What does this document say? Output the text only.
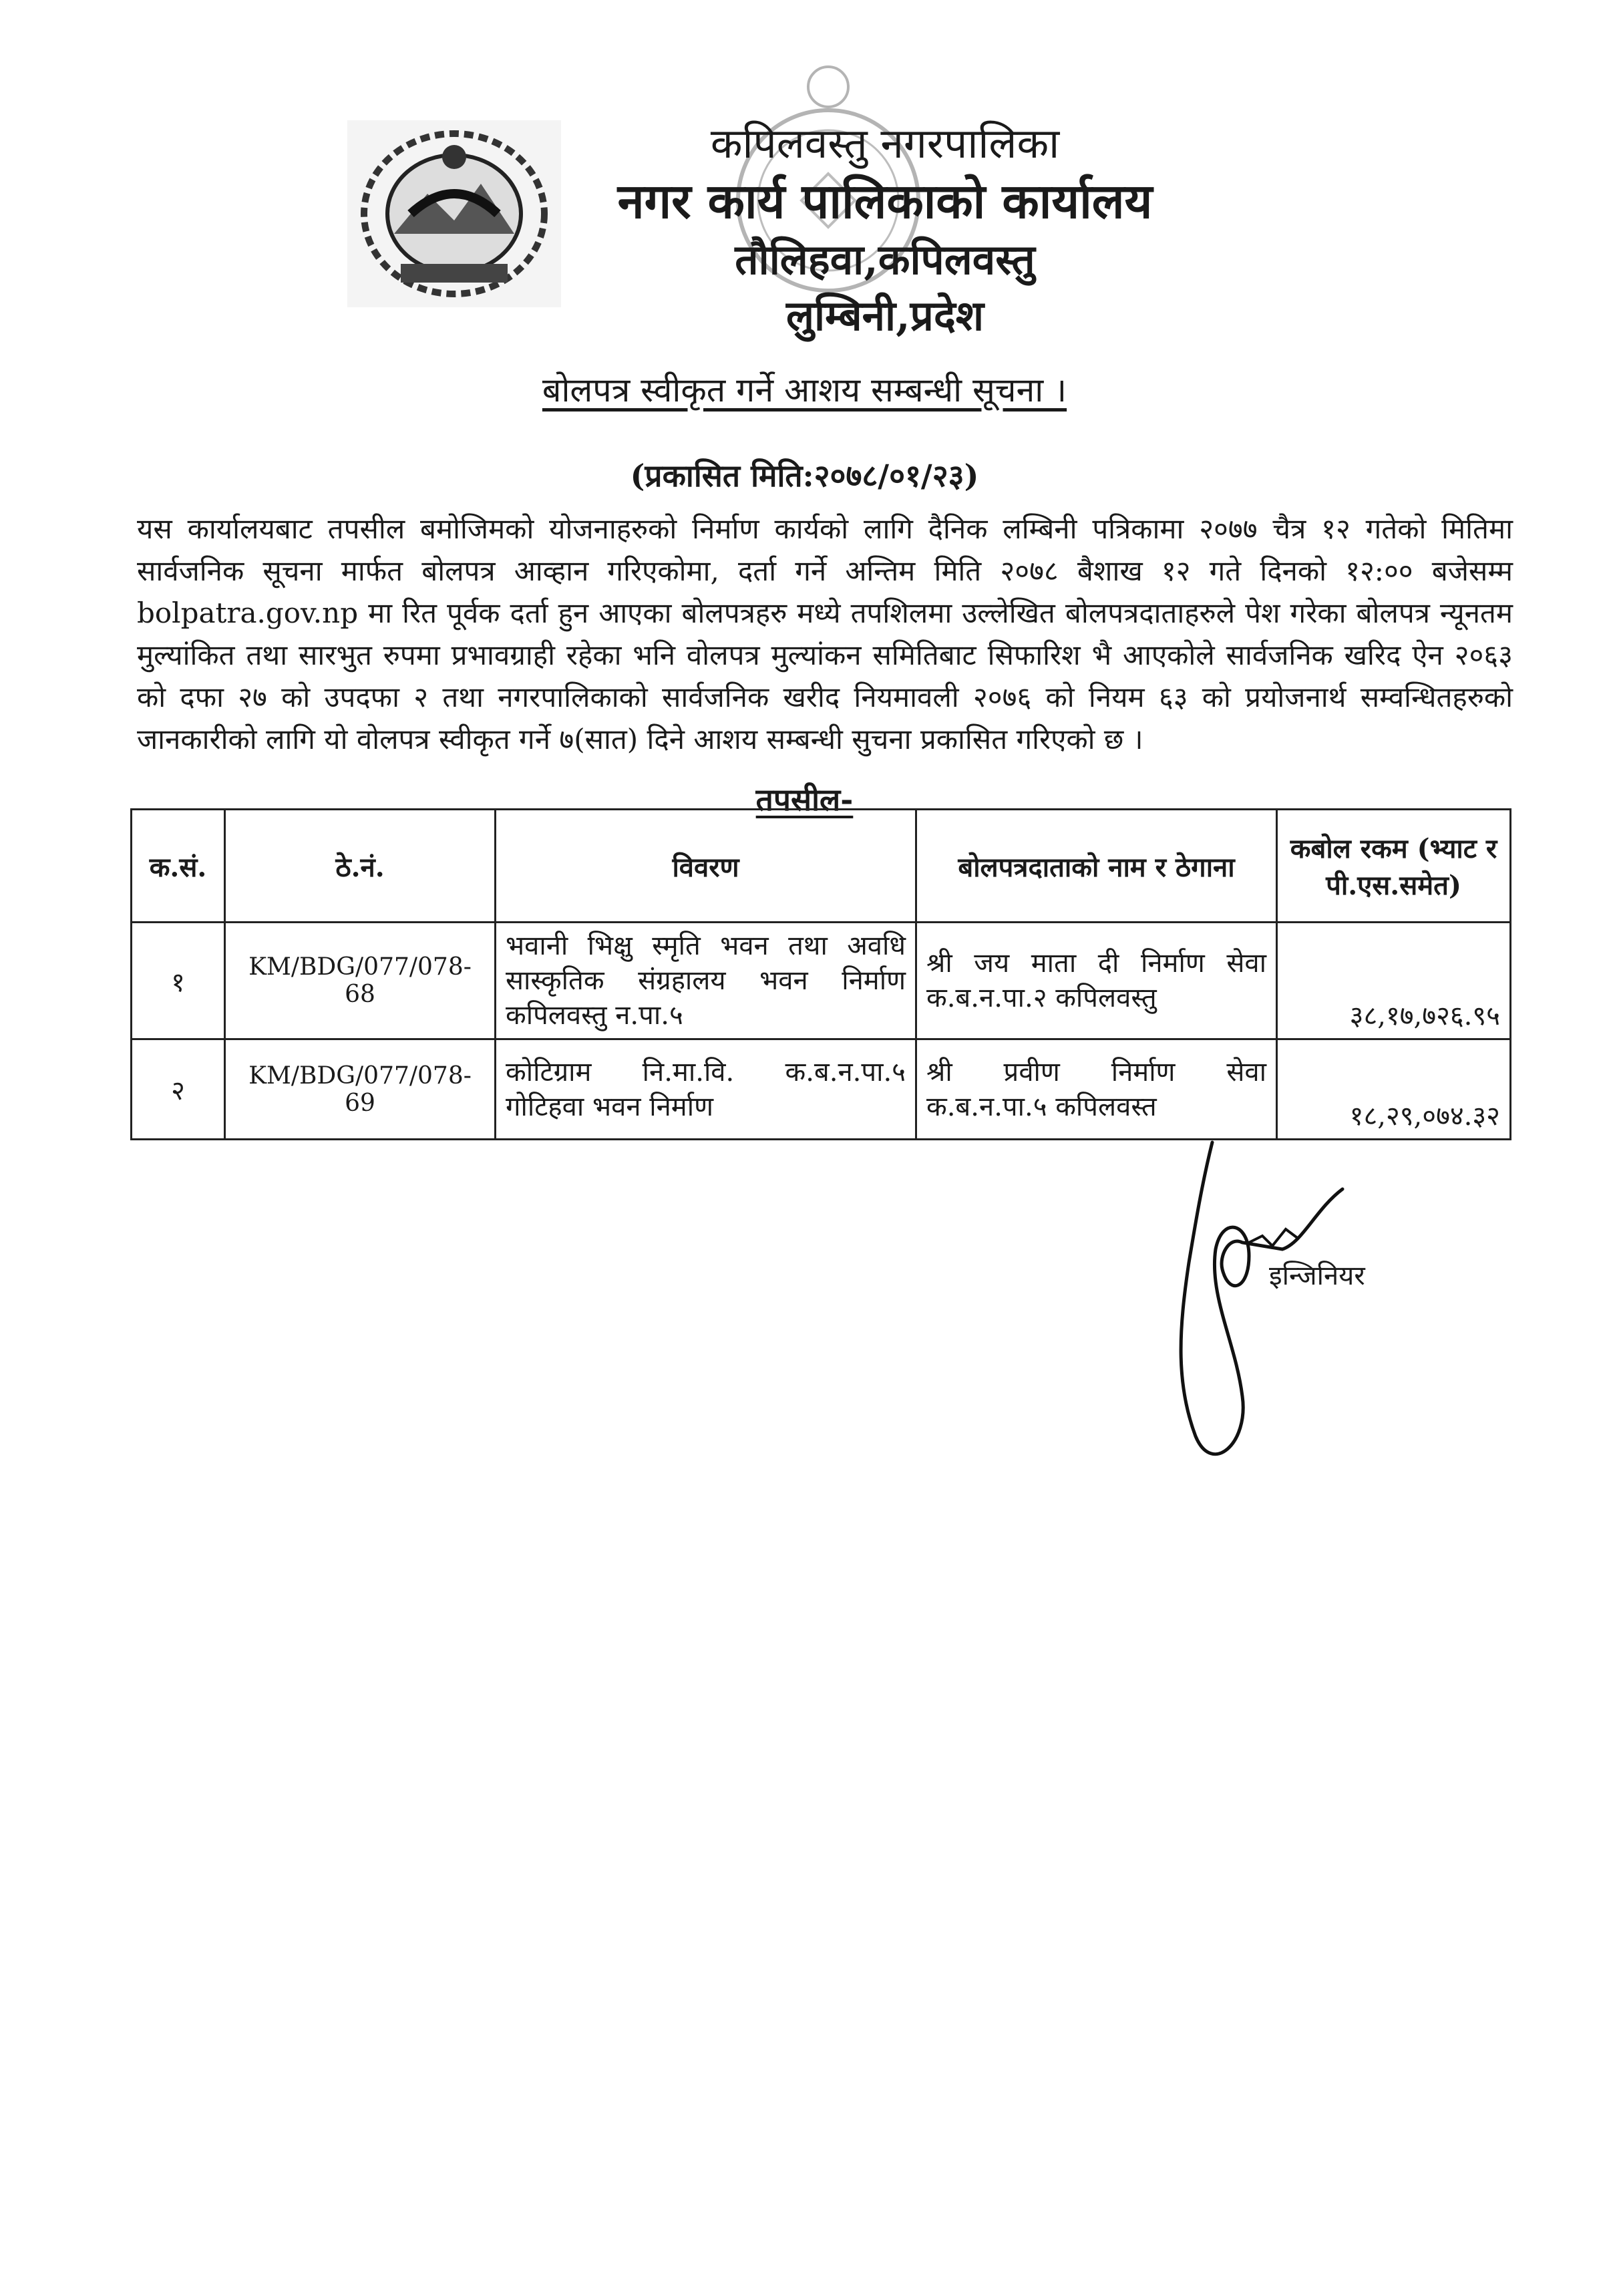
कपिलवस्तु नगरपालिका
नगर कार्य पालिकाको कार्यालय
तौलिहवा,कपिलवस्तु
लुम्बिनी,प्रदेश
बोलपत्र स्वीकृत गर्ने आशय सम्बन्धी सूचना ।
(प्रकासित मिति:२०७८/०१/२३)
यस कार्यालयबाट तपसील बमोजिमको योजनाहरुको निर्माण कार्यको लागि दैनिक लम्बिनी पत्रिकामा २०७७ चैत्र १२ गतेको मितिमा सार्वजनिक सूचना मार्फत बोलपत्र आव्हान गरिएकोमा, दर्ता गर्ने अन्तिम मिति २०७८ बैशाख १२ गते दिनको १२:०० बजेसम्म bolpatra.gov.np मा रित पूर्वक दर्ता हुन आएका बोलपत्रहरु मध्ये तपशिलमा उल्लेखित बोलपत्रदाताहरुले पेश गरेका बोलपत्र न्यूनतम मुल्यांकित तथा सारभुत रुपमा प्रभावग्राही रहेका भनि वोलपत्र मुल्यांकन समितिबाट सिफारिश भै आएकोले सार्वजनिक खरिद ऐन २०६३ को दफा २७ को उपदफा २ तथा नगरपालिकाको सार्वजनिक खरीद नियमावली २०७६ को नियम ६३ को प्रयोजनार्थ सम्वन्धितहरुको जानकारीको लागि यो वोलपत्र स्वीकृत गर्ने ७(सात) दिने आशय सम्बन्धी सुचना प्रकासित गरिएको छ ।
तपसील-
क.सं.	ठे.नं.	विवरण	बोलपत्रदाताको नाम र ठेगाना	कबोल रकम (भ्याट र पी.एस.समेत)
१	KM/BDG/077/078-68	भवानी भिक्षु स्मृति भवन तथा अवधि सास्कृतिक संग्रहालय भवन निर्माण कपिलवस्तु न.पा.५	श्री जय माता दी निर्माण सेवा क.ब.न.पा.२ कपिलवस्तु	३८,१७,७२६.९५
२	KM/BDG/077/078-69	कोटिग्राम नि.मा.वि. क.ब.न.पा.५ गोटिहवा भवन निर्माण	श्री प्रवीण निर्माण सेवा क.ब.न.पा.५ कपिलवस्त	१८,२९,०७४.३२
इन्जिनियर
